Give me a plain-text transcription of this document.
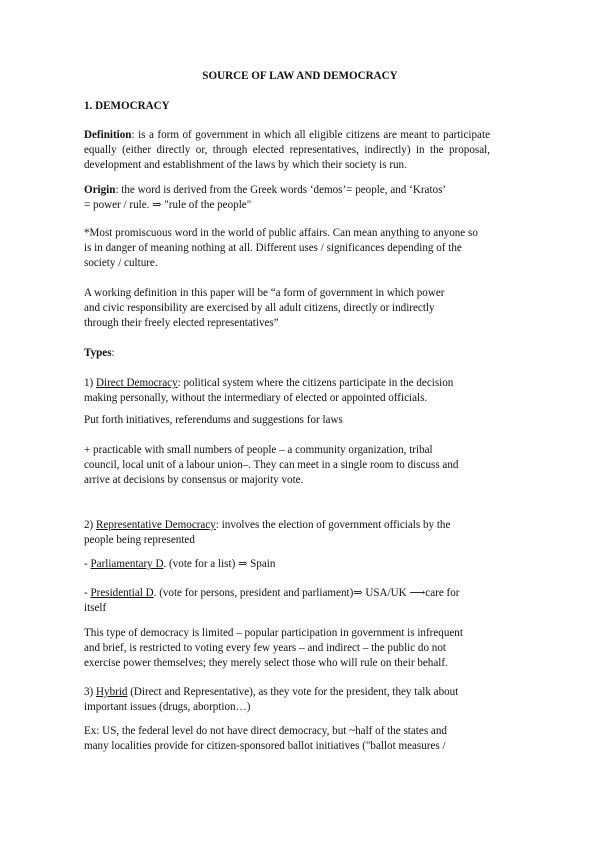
SOURCE OF LAW AND DEMOCRACY

1. DEMOCRACY

Definition: is a form of government in which all eligible citizens are meant to participate equally (either directly or, through elected representatives, indirectly) in the proposal, development and establishment of the laws by which their society is run.

Origin: the word is derived from the Greek words ‘demos’= people, and ‘Kratos’
= power / rule. ⇒ "rule of the people"

*Most promiscuous word in the world of public affairs. Can mean anything to anyone so
is in danger of meaning nothing at all. Different uses / significances depending of the
society / culture.

A working definition in this paper will be “a form of government in which power
and civic responsibility are exercised by all adult citizens, directly or indirectly
through their freely elected representatives”

Types:

1) Direct Democracy: political system where the citizens participate in the decision
making personally, without the intermediary of elected or appointed officials.

Put forth initiatives, referendums and suggestions for laws

+ practicable with small numbers of people – a community organization, tribal
council, local unit of a labour union–. They can meet in a single room to discuss and
arrive at decisions by consensus or majority vote.

2) Representative Democracy: involves the election of government officials by the
people being represented

- Parliamentary D. (vote for a list) ⇒ Spain

- Presidential D. (vote for persons, president and parliament)⇒ USA/UK ⟶care for
itself

This type of democracy is limited – popular participation in government is infrequent
and brief, is restricted to voting every few years – and indirect – the public do not
exercise power themselves; they merely select those who will rule on their behalf.

3) Hybrid (Direct and Representative), as they vote for the president, they talk about
important issues (drugs, aborption…)

Ex: US, the federal level do not have direct democracy, but ~half of the states and
many localities provide for citizen-sponsored ballot initiatives ("ballot measures /
